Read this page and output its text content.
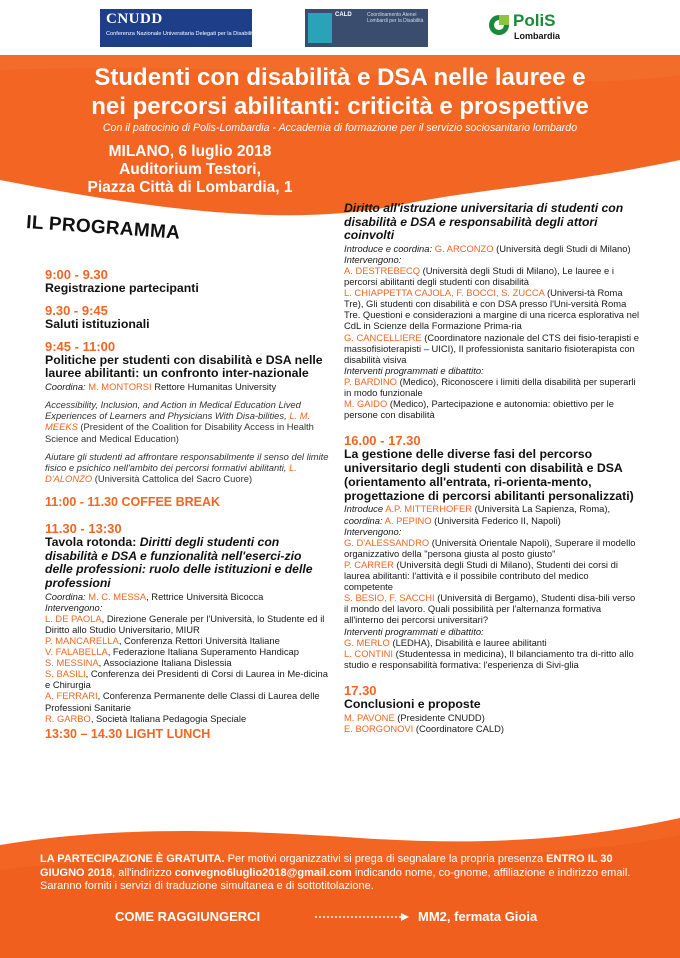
CNUDD
Conferenza Nazionale Universitaria Delegati per la Disabilità
CALD	Coordinamento Atenei Lombardi per la Disabilità	PoliS
Lombardia
Studenti con disabilità e DSA nelle lauree e
nei percorsi abilitanti: criticità e prospettive
Con il patrocinio di Polis-Lombardia - Accademia di formazione per il servizio sociosanitario lombardo
MILANO, 6 luglio 2018
Auditorium Testori,
Piazza Città di Lombardia, 1
IL PROGRAMMA
9:00 - 9.30
Registrazione partecipanti
9.30 - 9:45
Saluti istituzionali
9:45 - 11:00
Politiche per studenti con disabilità e DSA nelle lauree abilitanti: un confronto inter-nazionale
Coordina: M. MONTORSI Rettore Humanitas University
Accessibility, Inclusion, and Action in Medical Education Lived Experiences of Learners and Physicians With Disa-bilities, L. M. MEEKS (President of the Coalition for Disability Access in Health Science and Medical Education)
Aiutare gli studenti ad affrontare responsabilmente il senso del limite fisico e psichico nell'ambito dei percorsi formativi abilitanti, L. D'ALONZO (Università Cattolica del Sacro Cuore)
11:00 - 11.30 COFFEE BREAK
11.30 - 13:30
Tavola rotonda: Diritti degli studenti con disabilità e DSA e funzionalità nell'eserci-zio delle professioni: ruolo delle istituzioni e delle professioni
Coordina: M. C. MESSA, Rettrice Università Bicocca
Intervengono:
L. DE PAOLA, Direzione Generale per l'Università, lo Studente ed il Diritto allo Studio Universitario, MIUR
P. MANCARELLA, Conferenza Rettori Università Italiane
V. FALABELLA, Federazione Italiana Superamento Handicap
S. MESSINA, Associazione Italiana Dislessia
S. BASILI, Conferenza dei Presidenti di Corsi di Laurea in Me-dicina e Chirurgia
A. FERRARI, Conferenza Permanente delle Classi di Laurea delle Professioni Sanitarie
R. GARBO, Società Italiana Pedagogia Speciale
13:30 – 14.30 LIGHT LUNCH
14:30 - 16.00
Diritto all'istruzione universitaria di studenti con disabilità e DSA e responsabilità degli attori coinvolti
Introduce e coordina: G. ARCONZO (Università degli Studi di Milano)
Intervengono:
A. DESTREBECQ (Università degli Studi di Milano), Le lauree e i percorsi abilitanti degli studenti con disabilità
L. CHIAPPETTA CAJOLA, F. BOCCI, S. ZUCCA (Universi-tà Roma Tre), Gli studenti con disabilità e con DSA presso l'Uni-versità Roma Tre. Questioni e considerazioni a margine di una ricerca esplorativa nel CdL in Scienze della Formazione Prima-ria
G. CANCELLIERE (Coordinatore nazionale del CTS dei fisio-terapisti e massofisioterapisti – UICI), Il professionista sanitario fisioterapista con disabilità visiva
Interventi programmati e dibattito:
P. BARDINO (Medico), Riconoscere i limiti della disabilità per superarli in modo funzionale
M. GAIDO (Medico), Partecipazione e autonomia: obiettivo per le persone con disabilità
16.00 - 17.30
La gestione delle diverse fasi del percorso universitario degli studenti con disabilità e DSA (orientamento all'entrata, ri-orienta-mento, progettazione di percorsi abilitanti personalizzati)
Introduce A.P. MITTERHOFER (Università La Sapienza, Roma), coordina: A. PEPINO (Università Federico II, Napoli)
Intervengono:
G. D'ALESSANDRO (Università Orientale Napoli), Superare il modello organizzativo della "persona giusta al posto giusto"
P. CARRER (Università degli Studi di Milano), Studenti dei corsi di laurea abilitanti: l'attività e il possibile contributo del medico competente
S. BESIO, F. SACCHI (Università di Bergamo), Studenti disa-bili verso il mondo del lavoro. Quali possibilità per l'alternanza formativa all'interno dei percorsi universitari?
Interventi programmati e dibattito:
G. MERLO (LEDHA), Disabilità e lauree abilitanti
L. CONTINI (Studentessa in medicina), Il bilanciamento tra di-ritto allo studio e responsabilità formativa: l'esperienza di Sivi-glia
17.30
Conclusioni e proposte
M. PAVONE (Presidente CNUDD)
E. BORGONOVI (Coordinatore CALD)
LA PARTECIPAZIONE È GRATUITA. Per motivi organizzativi si prega di segnalare la propria presenza ENTRO IL 30 GIUGNO 2018, all'indirizzo convegno6luglio2018@gmail.com indicando nome, co-gnome, affiliazione e indirizzo email. Saranno forniti i servizi di traduzione simultanea e di sottotitolazione.
COME RAGGIUNGERCI	MM2, fermata Gioia
